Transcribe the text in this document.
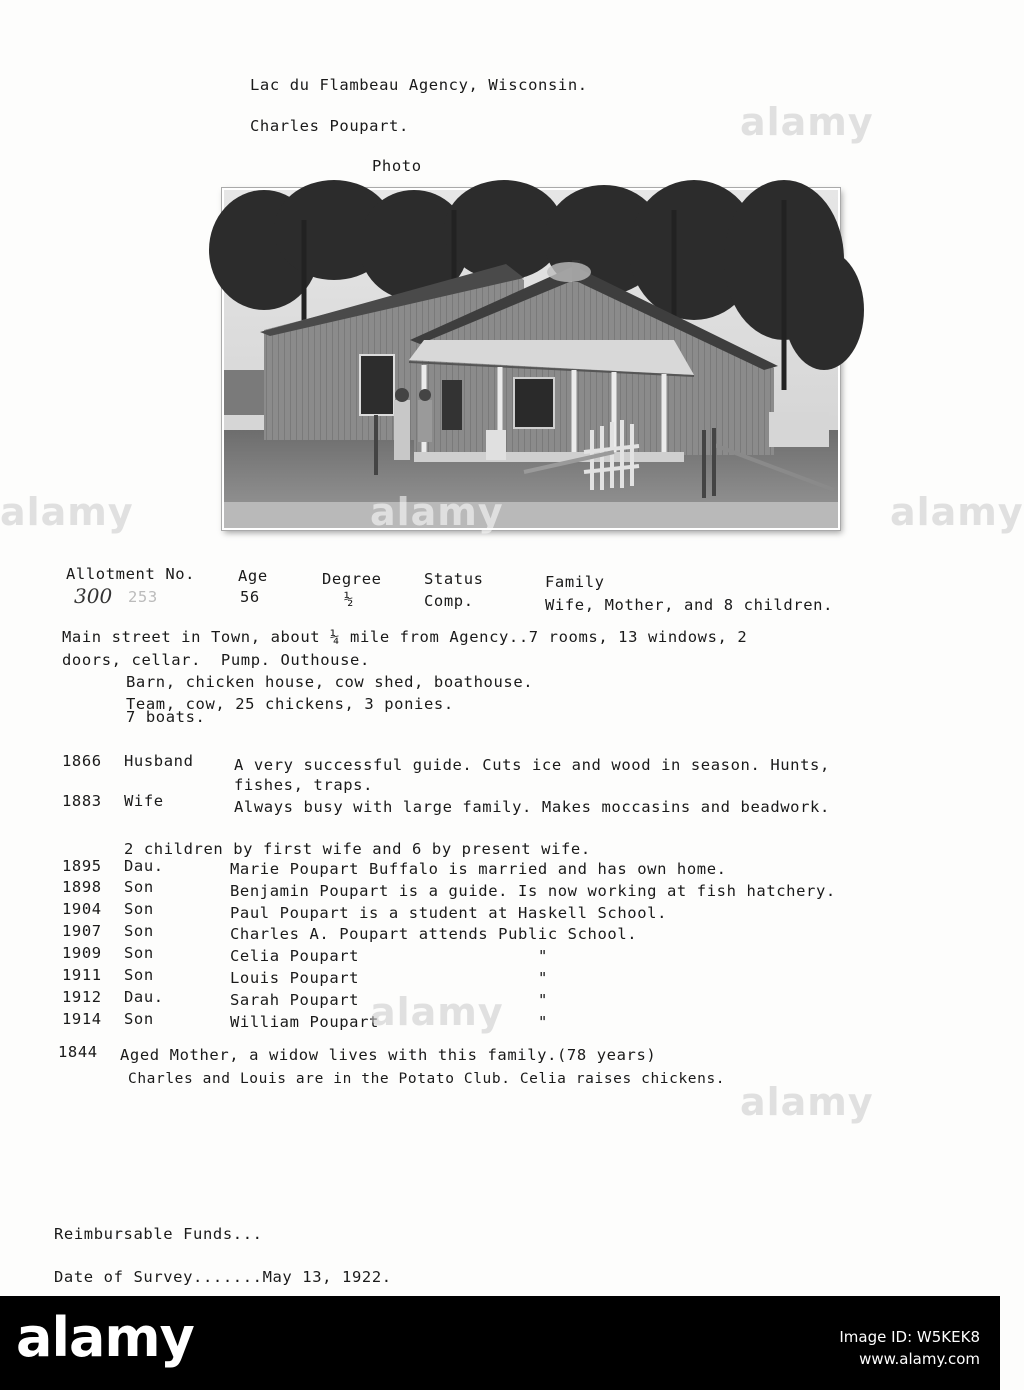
Lac du Flambeau Agency, Wisconsin.
Charles Poupart.
Photo
Allotment No.	Age	Degree	Status	Family
300 253	56	½	Comp.	Wife, Mother, and 8 children.
Main street in Town, about ¼ mile from Agency..7 rooms, 13 windows, 2
doors, cellar.  Pump. Outhouse.
Barn, chicken house, cow shed, boathouse.
Team, cow, 25 chickens, 3 ponies.
7 boats.
1866 Husband	A very successful guide. Cuts ice and wood in season. Hunts,
fishes, traps.
1883 Wife	Always busy with large family. Makes moccasins and beadwork.
2 children by first wife and 6 by present wife.
1895 Dau.	Marie Poupart Buffalo is married and has own home.
1898 Son	Benjamin Poupart is a guide. Is now working at fish hatchery.
1904 Son	Paul Poupart is a student at Haskell School.
1907 Son	Charles A. Poupart attends Public School.
1909 Son	Celia Poupart	"
1911 Son	Louis Poupart	"
1912 Dau.	Sarah Poupart	"
1914 Son	William Poupart	"
1844 Aged Mother, a widow lives with this family.(78 years)
Charles and Louis are in the Potato Club. Celia raises chickens.
Reimbursable Funds...
Date of Survey.......May 13, 1922.
alamy
alamy	alamy	alamy
alamy
alamy
alamy	Image ID: W5KEK8
www.alamy.com
